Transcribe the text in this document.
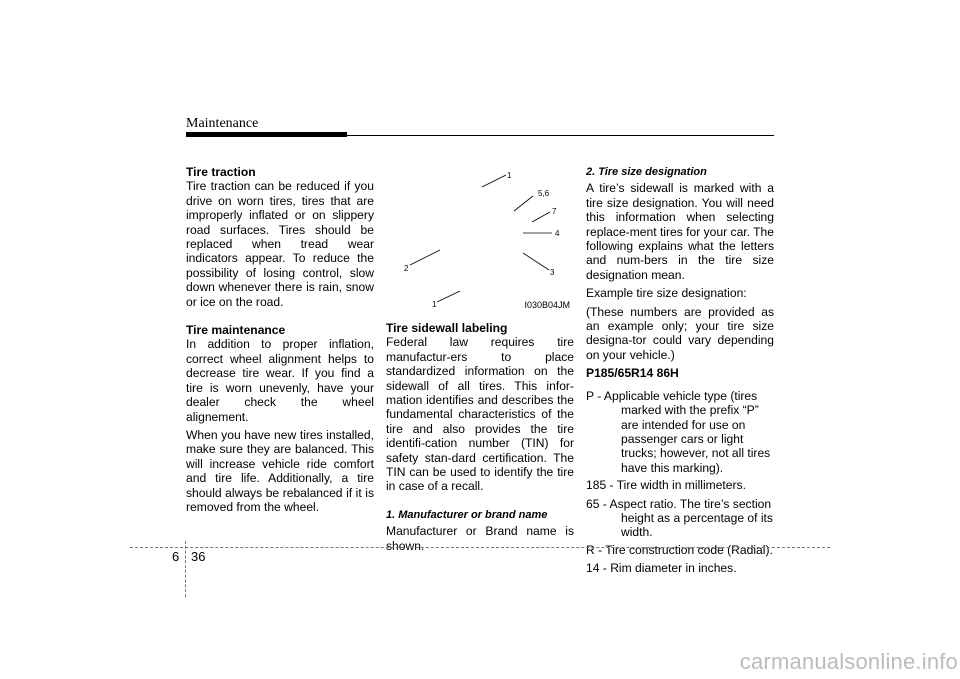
Maintenance

Tire traction

Tire traction can be reduced if you drive on worn tires, tires that are improperly inflated or on slippery road surfaces. Tires should be replaced when tread wear indicators appear. To reduce the possibility of losing control, slow down whenever there is rain, snow or ice on the road.

Tire maintenance

In addition to proper inflation, correct wheel alignment helps to decrease tire wear. If you find a tire is worn unevenly, have your dealer check the wheel alignement.

When you have new tires installed, make sure they are balanced. This will increase vehicle ride comfort and tire life. Additionally, a tire should always be rebalanced if it is removed from the wheel.

1
5,6
7
4
3
2
1	I030B04JM

Tire sidewall labeling

Federal law requires tire manufactur-ers to place standardized information on the sidewall of all tires. This infor-mation identifies and describes the fundamental characteristics of the tire and also provides the tire identifi-cation number (TIN) for safety stan-dard certification. The TIN can be used to identify the tire in case of a recall.

1. Manufacturer or brand name

Manufacturer or Brand name is shown.

2. Tire size designation

A tire’s sidewall is marked with a tire size designation. You will need this information when selecting replace-ment tires for your car. The following explains what the letters and num-bers in the tire size designation mean.

Example tire size designation:

(These numbers are provided as an example only; your tire size designa-tor could vary depending on your vehicle.)

P185/65R14 86H

P - Applicable vehicle type (tires marked with the prefix “P” are intended for use on passenger cars or light trucks; however, not all tires have this marking).

185 - Tire width in millimeters.

65 - Aspect ratio. The tire’s section height as a percentage of its width.

R - Tire construction code (Radial).

14 - Rim diameter in inches.

6 36
carmanualsonline.info
